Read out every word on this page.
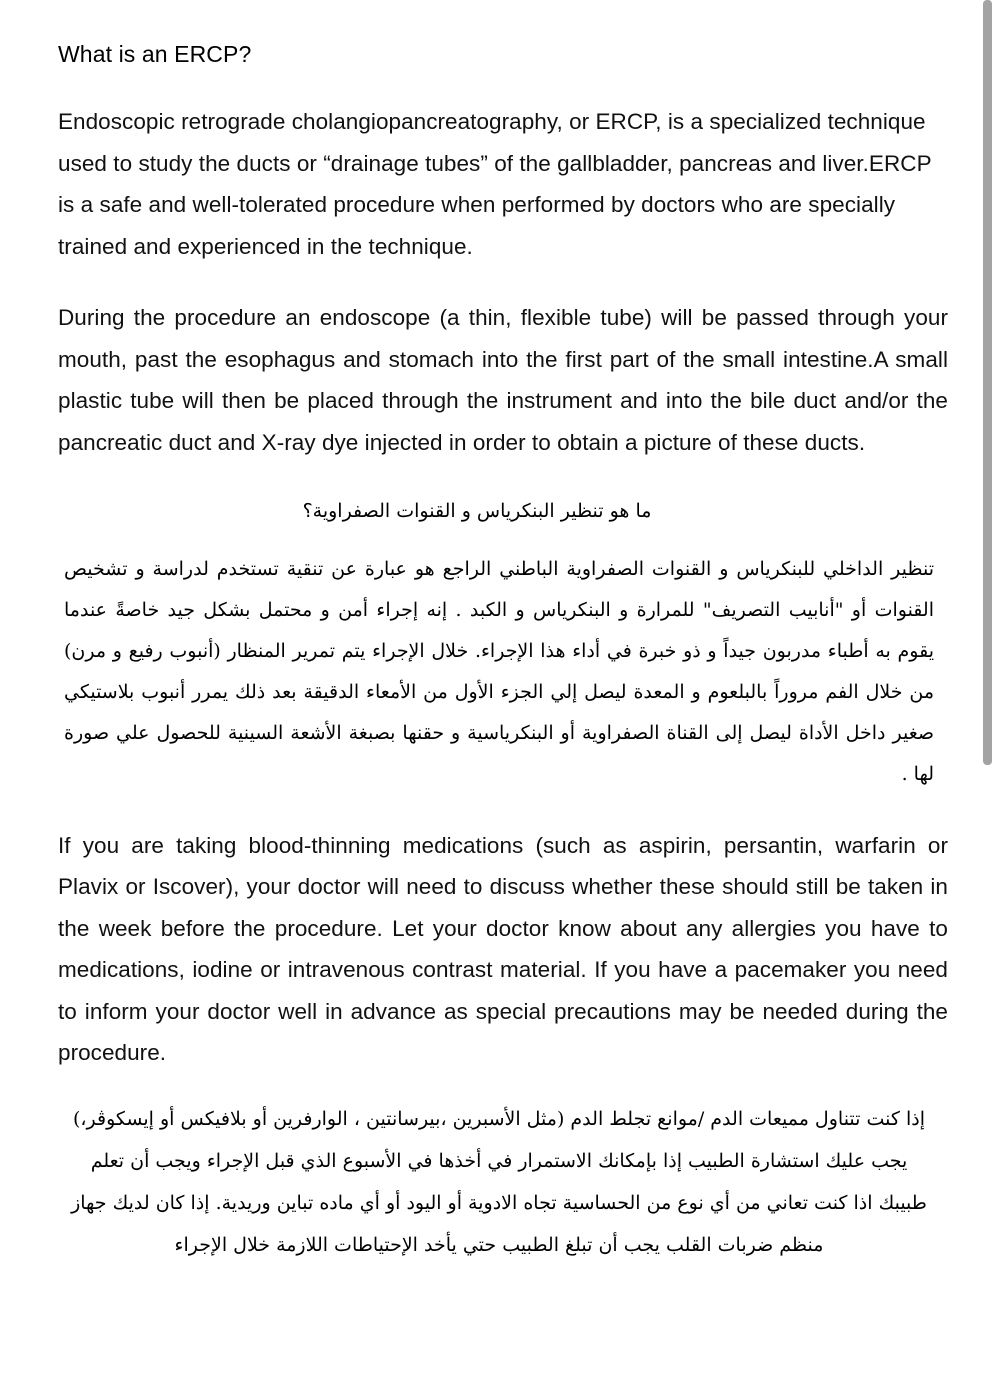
What is an ERCP?

Endoscopic retrograde cholangiopancreatography, or ERCP, is a specialized technique used to study the ducts or “drainage tubes” of the gallbladder, pancreas and liver.ERCP is a safe and well-tolerated procedure when performed by doctors who are specially trained and experienced in the technique.

During the procedure an endoscope (a thin, flexible tube) will be passed through your mouth, past the esophagus and stomach into the first part of the small intestine.A small plastic tube will then be placed through the instrument and into the bile duct and/or the pancreatic duct and X-ray dye injected in order to obtain a picture of these ducts.

ما هو تنظير البنكرياس و القنوات الصفراوية؟
تنظير الداخلي للبنكرياس و القنوات الصفراوية الباطني الراجع هو عبارة عن تنقية تستخدم لدراسة و تشخيص القنوات أو "أنابيب التصريف" للمرارة و البنكرياس و الكبد . إنه إجراء أمن و محتمل بشكل جيد خاصةً عندما يقوم به أطباء مدربون جيداً و ذو خبرة في أداء هذا الإجراء. خلال الإجراء يتم تمرير المنظار (أنبوب رفيع و مرن) من خلال الفم مروراً بالبلعوم و المعدة ليصل إلي الجزء الأول من الأمعاء الدقيقة بعد ذلك يمرر أنبوب بلاستيكي صغير داخل الأداة ليصل إلى القناة الصفراوية أو البنكرياسية و حقنها بصبغة الأشعة السينية للحصول علي صورة لها .

If you are taking blood-thinning medications (such as aspirin, persantin, warfarin or Plavix or Iscover), your doctor will need to discuss whether these should still be taken in the week before the procedure. Let your doctor know about any allergies you have to medications, iodine or intravenous contrast material. If you have a pacemaker you need to inform your doctor well in advance as special precautions may be needed during the procedure.

إذا كنت تتناول مميعات الدم /موانع تجلط الدم (مثل الأسبرين ،بيرسانتين ، الوارفرين أو بلافيكس أو إيسكوڤر،) يجب عليك استشارة الطبيب إذا بإمكانك الاستمرار في أخذها في الأسبوع الذي قبل الإجراء ويجب أن تعلم طبيبك اذا كنت تعاني من أي نوع من الحساسية تجاه الادوية أو اليود أو أي ماده تباين وريدية. إذا كان لديك جهاز منظم ضربات القلب يجب أن تبلغ الطبيب حتي يأخد الإحتياطات اللازمة خلال الإجراء
